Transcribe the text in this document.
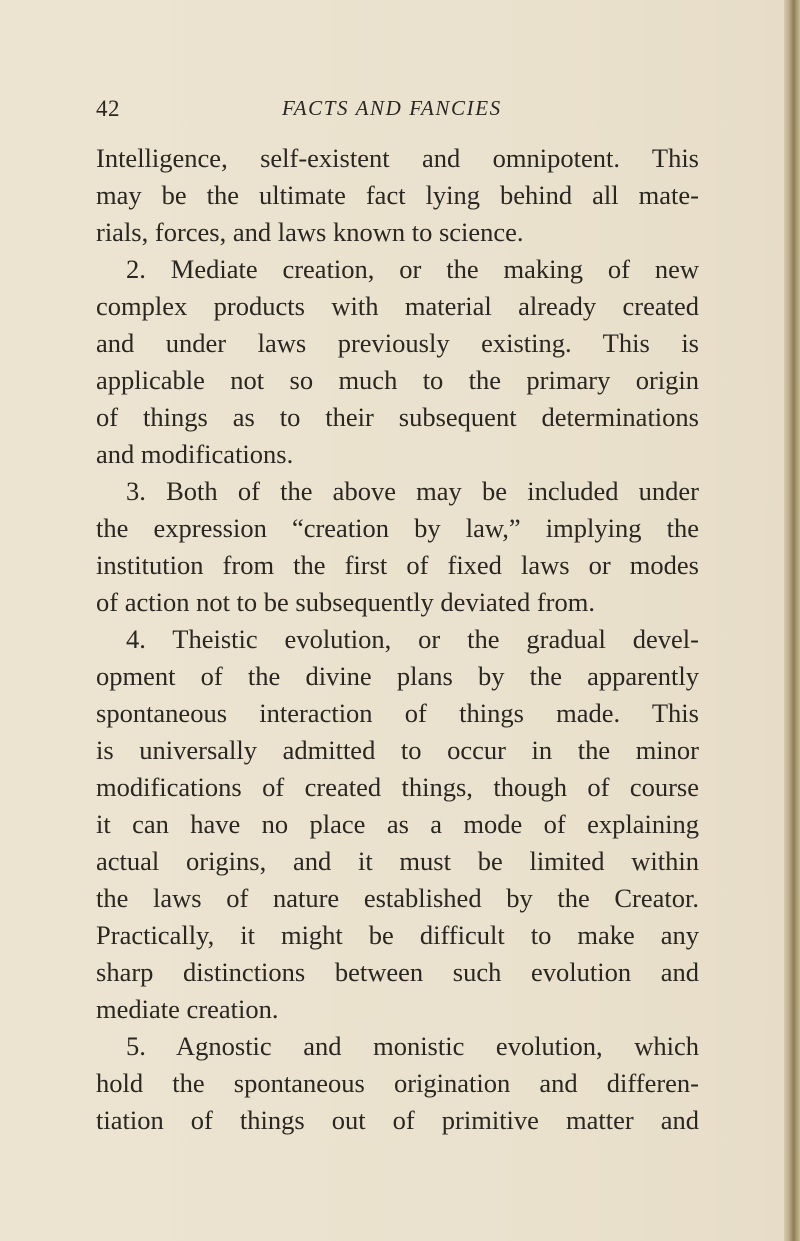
42	FACTS AND FANCIES
Intelligence, self-existent and omnipotent. This
may be the ultimate fact lying behind all mate-
rials, forces, and laws known to science.
2. Mediate creation, or the making of new
complex products with material already created
and under laws previously existing. This is
applicable not so much to the primary origin
of things as to their subsequent determinations
and modifications.
3. Both of the above may be included under
the expression “creation by law,” implying the
institution from the first of fixed laws or modes
of action not to be subsequently deviated from.
4. Theistic evolution, or the gradual devel-
opment of the divine plans by the apparently
spontaneous interaction of things made. This
is universally admitted to occur in the minor
modifications of created things, though of course
it can have no place as a mode of explaining
actual origins, and it must be limited within
the laws of nature established by the Creator.
Practically, it might be difficult to make any
sharp distinctions between such evolution and
mediate creation.
5. Agnostic and monistic evolution, which
hold the spontaneous origination and differen-
tiation of things out of primitive matter and
